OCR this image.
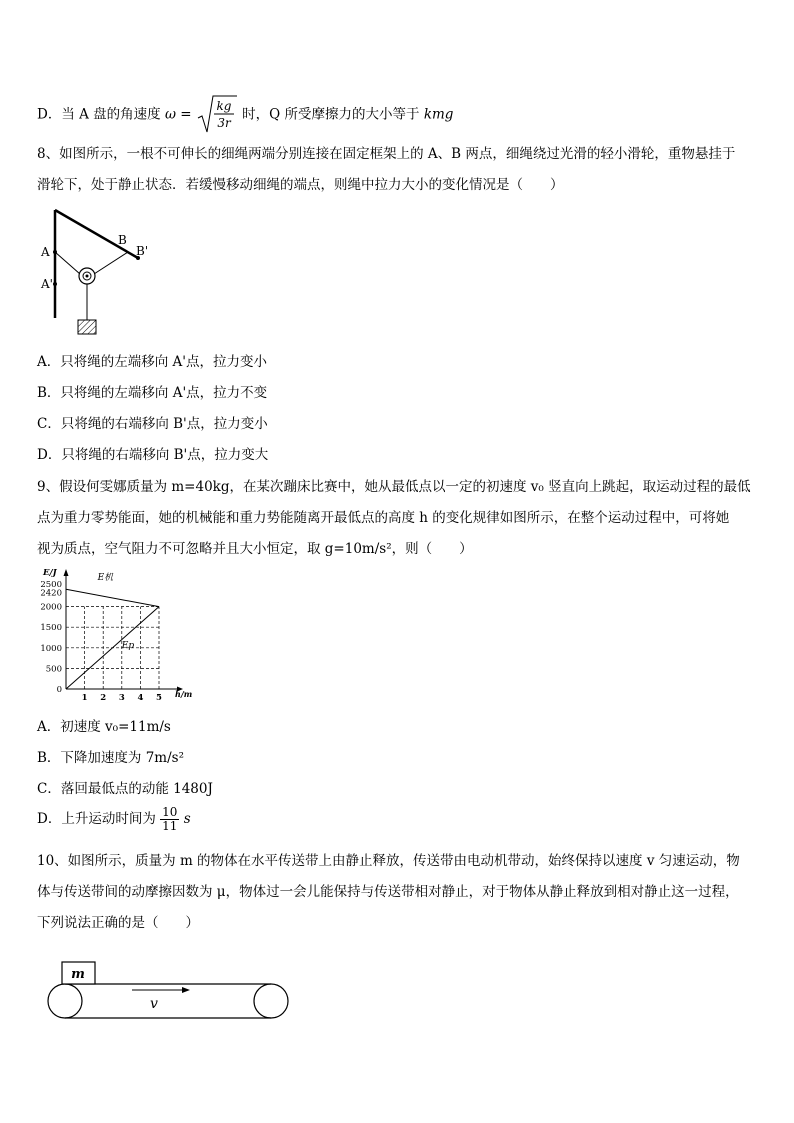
D．当 A 盘的角速度 ω =
kg
3r
时，Q 所受摩擦力的大小等于 kmg
8、如图所示，一根不可伸长的细绳两端分别连接在固定框架上的 A、B 两点，细绳绕过光滑的轻小滑轮，重物悬挂于
滑轮下，处于静止状态．若缓慢移动细绳的端点，则绳中拉力大小的变化情况是（　　）
A
A'
B
B'
A．只将绳的左端移向 A'点，拉力变小
B．只将绳的左端移向 A'点，拉力不变
C．只将绳的右端移向 B'点，拉力变小
D．只将绳的右端移向 B'点，拉力变大
9、假设何雯娜质量为 m=40kg，在某次蹦床比赛中，她从最低点以一定的初速度 v₀ 竖直向上跳起，取运动过程的最低
点为重力零势能面，她的机械能和重力势能随离开最低点的高度 h 的变化规律如图所示，在整个运动过程中，可将她
视为质点，空气阻力不可忽略并且大小恒定，取 g=10m/s²，则（　　）
0
500
1000
1500
2000
2420
2500
1 2 3 4 5
E/J
h/m
E机
Ep
A．初速度 v₀=11m/s
B．下降加速度为 7m/s²
C．落回最低点的动能 1480J
D．上升运动时间为 $\frac{10}{11}$ s
10、如图所示，质量为 m 的物体在水平传送带上由静止释放，传送带由电动机带动，始终保持以速度 v 匀速运动，物
体与传送带间的动摩擦因数为 μ，物体过一会儿能保持与传送带相对静止，对于物体从静止释放到相对静止这一过程，
下列说法正确的是（　　）
m
v
